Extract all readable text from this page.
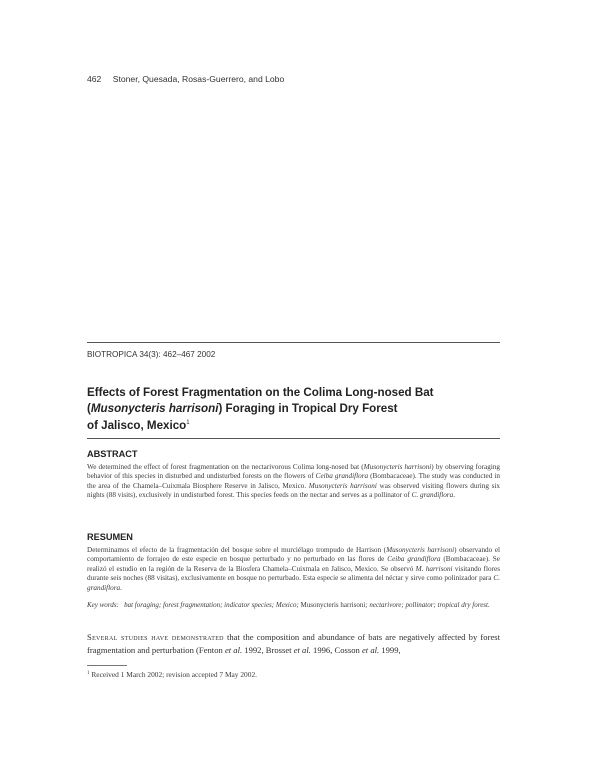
462 Stoner, Quesada, Rosas-Guerrero, and Lobo
BIOTROPICA 34(3): 462–467 2002
Effects of Forest Fragmentation on the Colima Long-nosed Bat
(Musonycteris harrisoni) Foraging in Tropical Dry Forest
of Jalisco, Mexico$^1$
ABSTRACT
We determined the effect of forest fragmentation on the nectarivorous Colima long-nosed bat (Musonycteris harrisoni) by observing foraging behavior of this species in disturbed and undisturbed forests on the flowers of Ceiba grandiflora (Bombacaceae). The study was conducted in the area of the Chamela–Cuixmala Biosphere Reserve in Jalisco, Mexico. Musonycteris harrisoni was observed visiting flowers during six nights (88 visits), exclusively in undisturbed forest. This species feeds on the nectar and serves as a pollinator of C. grandiflora.
RESUMEN
Determinamos el efecto de la fragmentación del bosque sobre el murciélago trompudo de Harrison (Musonycteris harrisoni) observando el comportamiento de forrajeo de este especie en bosque perturbado y no perturbado en las flores de Ceiba grandiflora (Bombacaceae). Se realizó el estudio en la región de la Reserva de la Biosfera Chamela–Cuixmala en Jalisco, Mexico. Se observó M. harrisoni visitando flores durante seis noches (88 visitas), exclusivamente en bosque no perturbado. Esta especie se alimenta del néctar y sirve como polinizador para C. grandiflora.
Key words: bat foraging; forest fragmentation; indicator species; Mexico; Musonycteris harrisoni; nectarivore; pollinator; tropical dry forest.
Several studies have demonstrated that the composition and abundance of bats are negatively affected by forest fragmentation and perturbation (Fenton et al. 1992, Brosset et al. 1996, Cosson et al. 1999,
$^1$ Received 1 March 2002; revision accepted 7 May 2002.
